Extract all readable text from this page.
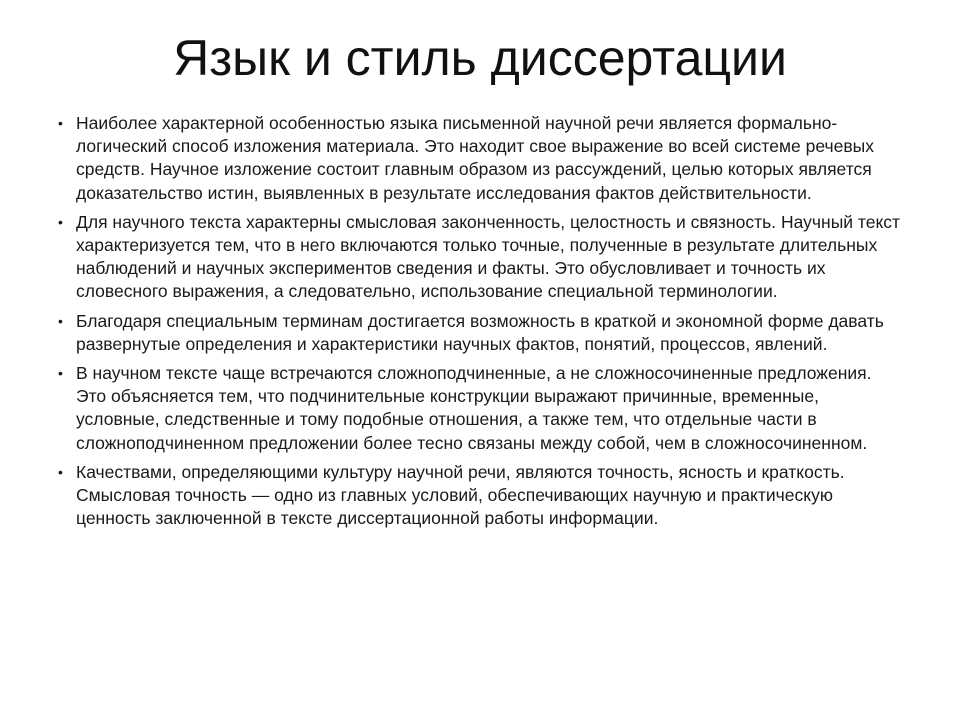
Язык и стиль диссертации
• Наиболее характерной особенностью языка письменной научной речи является формально-логический способ изложения материала. Это находит свое выражение во всей системе речевых средств. Научное изложение состоит главным образом из рассуждений, целью которых является доказательство истин, выявленных в результате исследования фактов действительности.
• Для научного текста характерны смысловая законченность, целостность и связность. Научный текст характеризуется тем, что в него включаются только точные, полученные в результате длительных наблюдений и научных экспериментов сведения и факты. Это обусловливает и точность их словесного выражения, а следовательно, использование специальной терминологии.
• Благодаря специальным терминам достигается возможность в краткой и экономной форме давать развернутые определения и характеристики научных фактов, понятий, процессов, явлений.
• В научном тексте чаще встречаются сложноподчиненные, а не сложносочиненные предложения. Это объясняется тем, что подчинительные конструкции выражают причинные, временные, условные, следственные и тому подобные отношения, а также тем, что отдельные части в сложноподчиненном предложении более тесно связаны между собой, чем в сложносочиненном.
• Качествами, определяющими культуру научной речи, являются точность, ясность и краткость. Смысловая точность — одно из главных условий, обеспечивающих научную и практическую ценность заключенной в тексте диссертационной работы информации.
